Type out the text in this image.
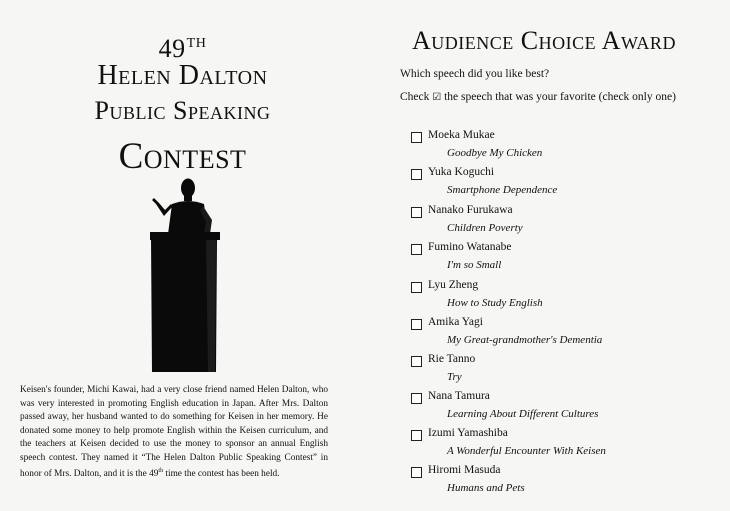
49TH
Helen Dalton
Public Speaking
Contest
Keisen's founder, Michi Kawai, had a very close friend named Helen Dalton, who was very interested in promoting English education in Japan. After Mrs. Dalton passed away, her husband wanted to do something for Keisen in her memory. He donated some money to help promote English within the Keisen curriculum, and the teachers at Keisen decided to use the money to sponsor an annual English speech contest. They named it “The Helen Dalton Public Speaking Contest” in honor of Mrs. Dalton, and it is the 49th time the contest has been held.
Audience Choice Award
Which speech did you like best?
Check ☑ the speech that was your favorite (check only one)
Moeka Mukae
Goodbye My Chicken
Yuka Koguchi
Smartphone Dependence
Nanako Furukawa
Children Poverty
Fumino Watanabe
I'm so Small
Lyu Zheng
How to Study English
Amika Yagi
My Great-grandmother's Dementia
Rie Tanno
Try
Nana Tamura
Learning About Different Cultures
Izumi Yamashiba
A Wonderful Encounter With Keisen
Hiromi Masuda
Humans and Pets
